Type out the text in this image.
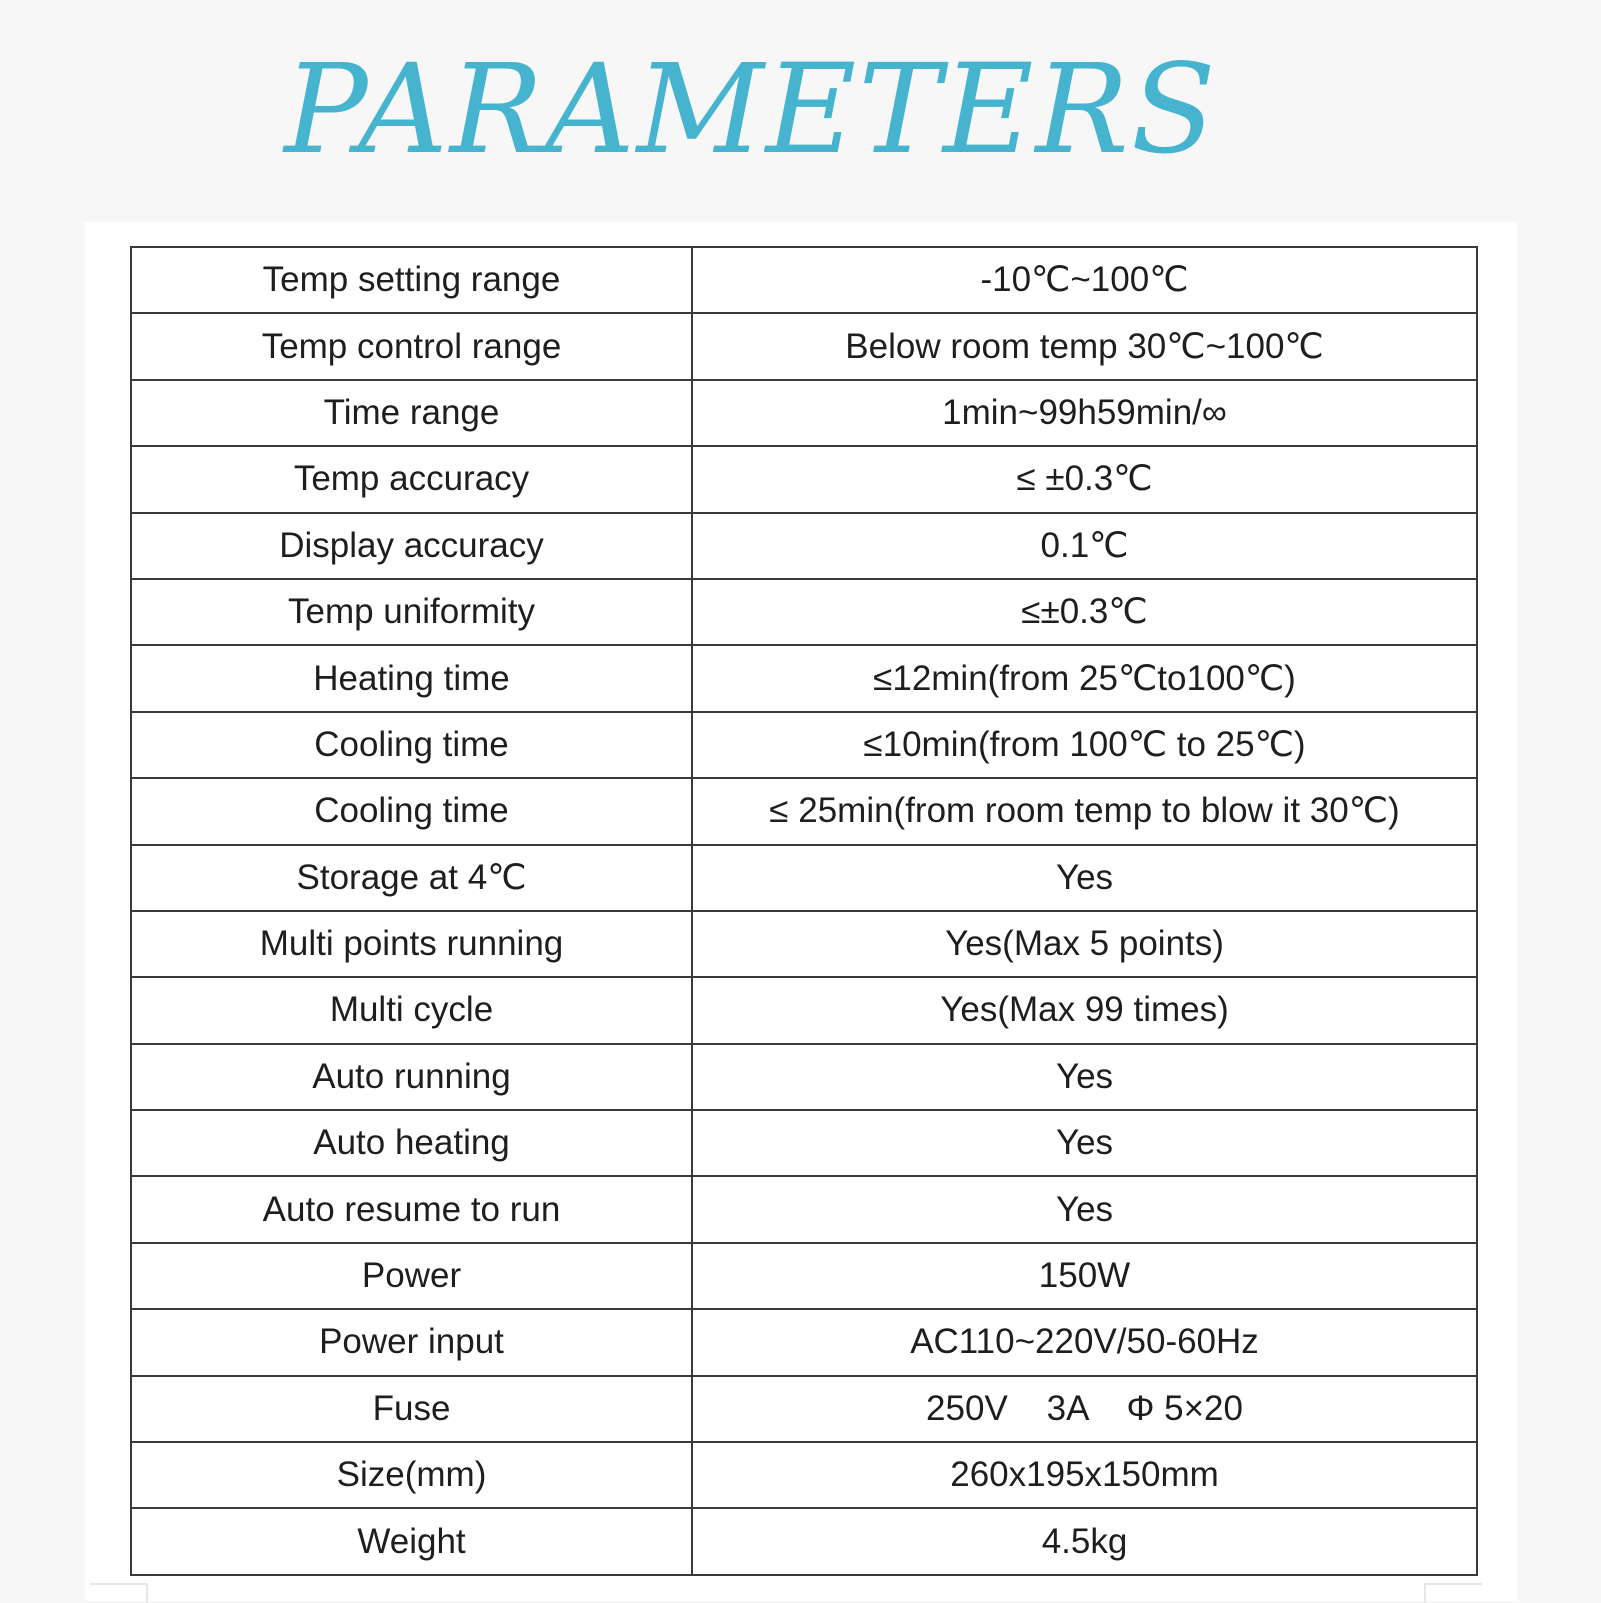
PARAMETERS
Temp setting range	-10℃~100℃
Temp control range	Below room temp 30℃~100℃
Time range	1min~99h59min/∞
Temp accuracy	≤ ±0.3℃
Display accuracy	0.1℃
Temp uniformity	≤±0.3℃
Heating time	≤12min(from 25℃to100℃)
Cooling time	≤10min(from 100℃ to 25℃)
Cooling time	≤ 25min(from room temp to blow it 30℃)
Storage at 4℃	Yes
Multi points running	Yes(Max 5 points)
Multi cycle	Yes(Max 99 times)
Auto running	Yes
Auto heating	Yes
Auto resume to run	Yes
Power	150W
Power input	AC110~220V/50-60Hz
Fuse	250V    3A    Φ 5×20
Size(mm)	260x195x150mm
Weight	4.5kg
